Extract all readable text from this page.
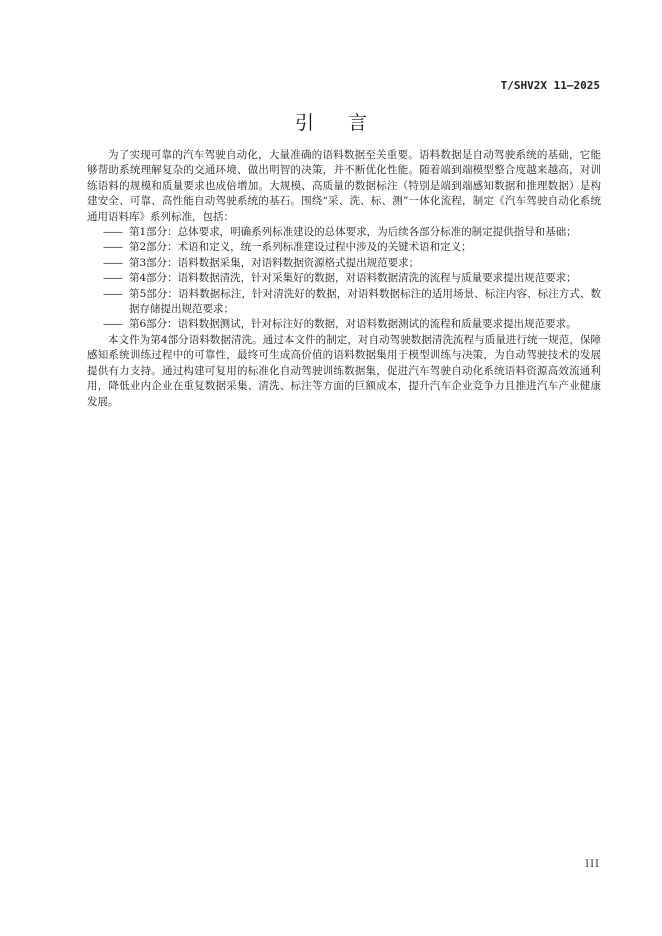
T/SHV2X 11—2025
引言

为了实现可靠的汽车驾驶自动化，大量准确的语料数据至关重要。语料数据是自动驾驶系统的基础，它能够帮助系统理解复杂的交通环境、做出明智的决策，并不断优化性能。随着端到端模型整合度越来越高，对训练语料的规模和质量要求也成倍增加。大规模、高质量的数据标注（特别是端到端感知数据和推理数据）是构建安全、可靠、高性能自动驾驶系统的基石。围绕“采、洗、标、测”一体化流程，制定《汽车驾驶自动化系统通用语料库》系列标准，包括：

—— 第1部分：总体要求，明确系列标准建设的总体要求，为后续各部分标准的制定提供指导和基础；
—— 第2部分：术语和定义，统一系列标准建设过程中涉及的关键术语和定义；
—— 第3部分：语料数据采集，对语料数据资源格式提出规范要求；
—— 第4部分：语料数据清洗，针对采集好的数据，对语料数据清洗的流程与质量要求提出规范要求；
—— 第5部分：语料数据标注，针对清洗好的数据，对语料数据标注的适用场景、标注内容、标注方式、数据存储提出规范要求；
—— 第6部分：语料数据测试，针对标注好的数据，对语料数据测试的流程和质量要求提出规范要求。

本文件为第4部分语料数据清洗。通过本文件的制定，对自动驾驶数据清洗流程与质量进行统一规范，保障感知系统训练过程中的可靠性，最终可生成高价值的语料数据集用于模型训练与决策，为自动驾驶技术的发展提供有力支持。通过构建可复用的标准化自动驾驶训练数据集，促进汽车驾驶自动化系统语料资源高效流通利用，降低业内企业在重复数据采集、清洗、标注等方面的巨额成本，提升汽车企业竞争力且推进汽车产业健康发展。

III
